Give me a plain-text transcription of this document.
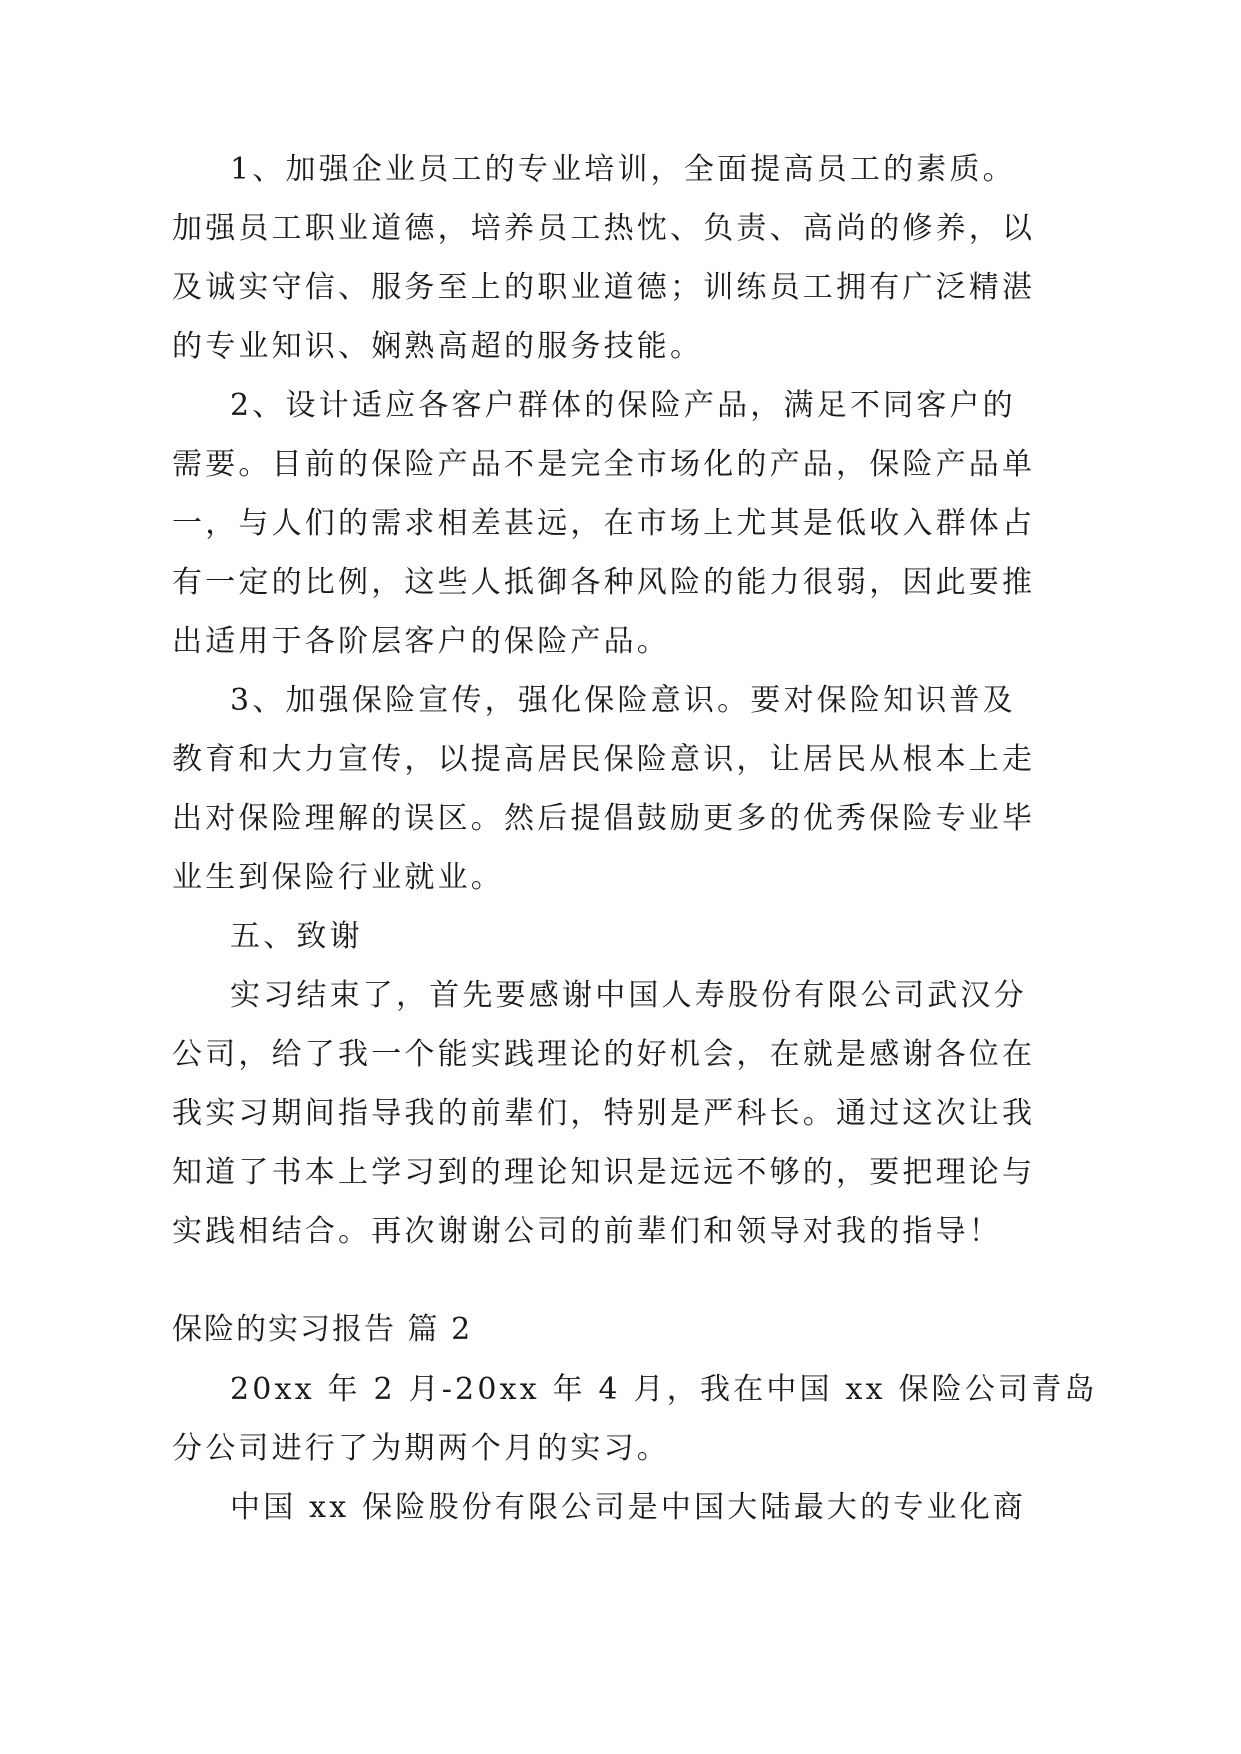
1、加强企业员工的专业培训，全面提高员工的素质。
加强员工职业道德，培养员工热忱、负责、高尚的修养，以
及诚实守信、服务至上的职业道德；训练员工拥有广泛精湛
的专业知识、娴熟高超的服务技能。
2、设计适应各客户群体的保险产品，满足不同客户的
需要。目前的保险产品不是完全市场化的产品，保险产品单
一，与人们的需求相差甚远，在市场上尤其是低收入群体占
有一定的比例，这些人抵御各种风险的能力很弱，因此要推
出适用于各阶层客户的保险产品。
3、加强保险宣传，强化保险意识。要对保险知识普及
教育和大力宣传，以提高居民保险意识，让居民从根本上走
出对保险理解的误区。然后提倡鼓励更多的优秀保险专业毕
业生到保险行业就业。
五、致谢
实习结束了，首先要感谢中国人寿股份有限公司武汉分
公司，给了我一个能实践理论的好机会，在就是感谢各位在
我实习期间指导我的前辈们，特别是严科长。通过这次让我
知道了书本上学习到的理论知识是远远不够的，要把理论与
实践相结合。再次谢谢公司的前辈们和领导对我的指导！
保险的实习报告 篇 2
20xx 年 2 月-20xx 年 4 月，我在中国 xx 保险公司青岛
分公司进行了为期两个月的实习。
中国 xx 保险股份有限公司是中国大陆最大的专业化商
